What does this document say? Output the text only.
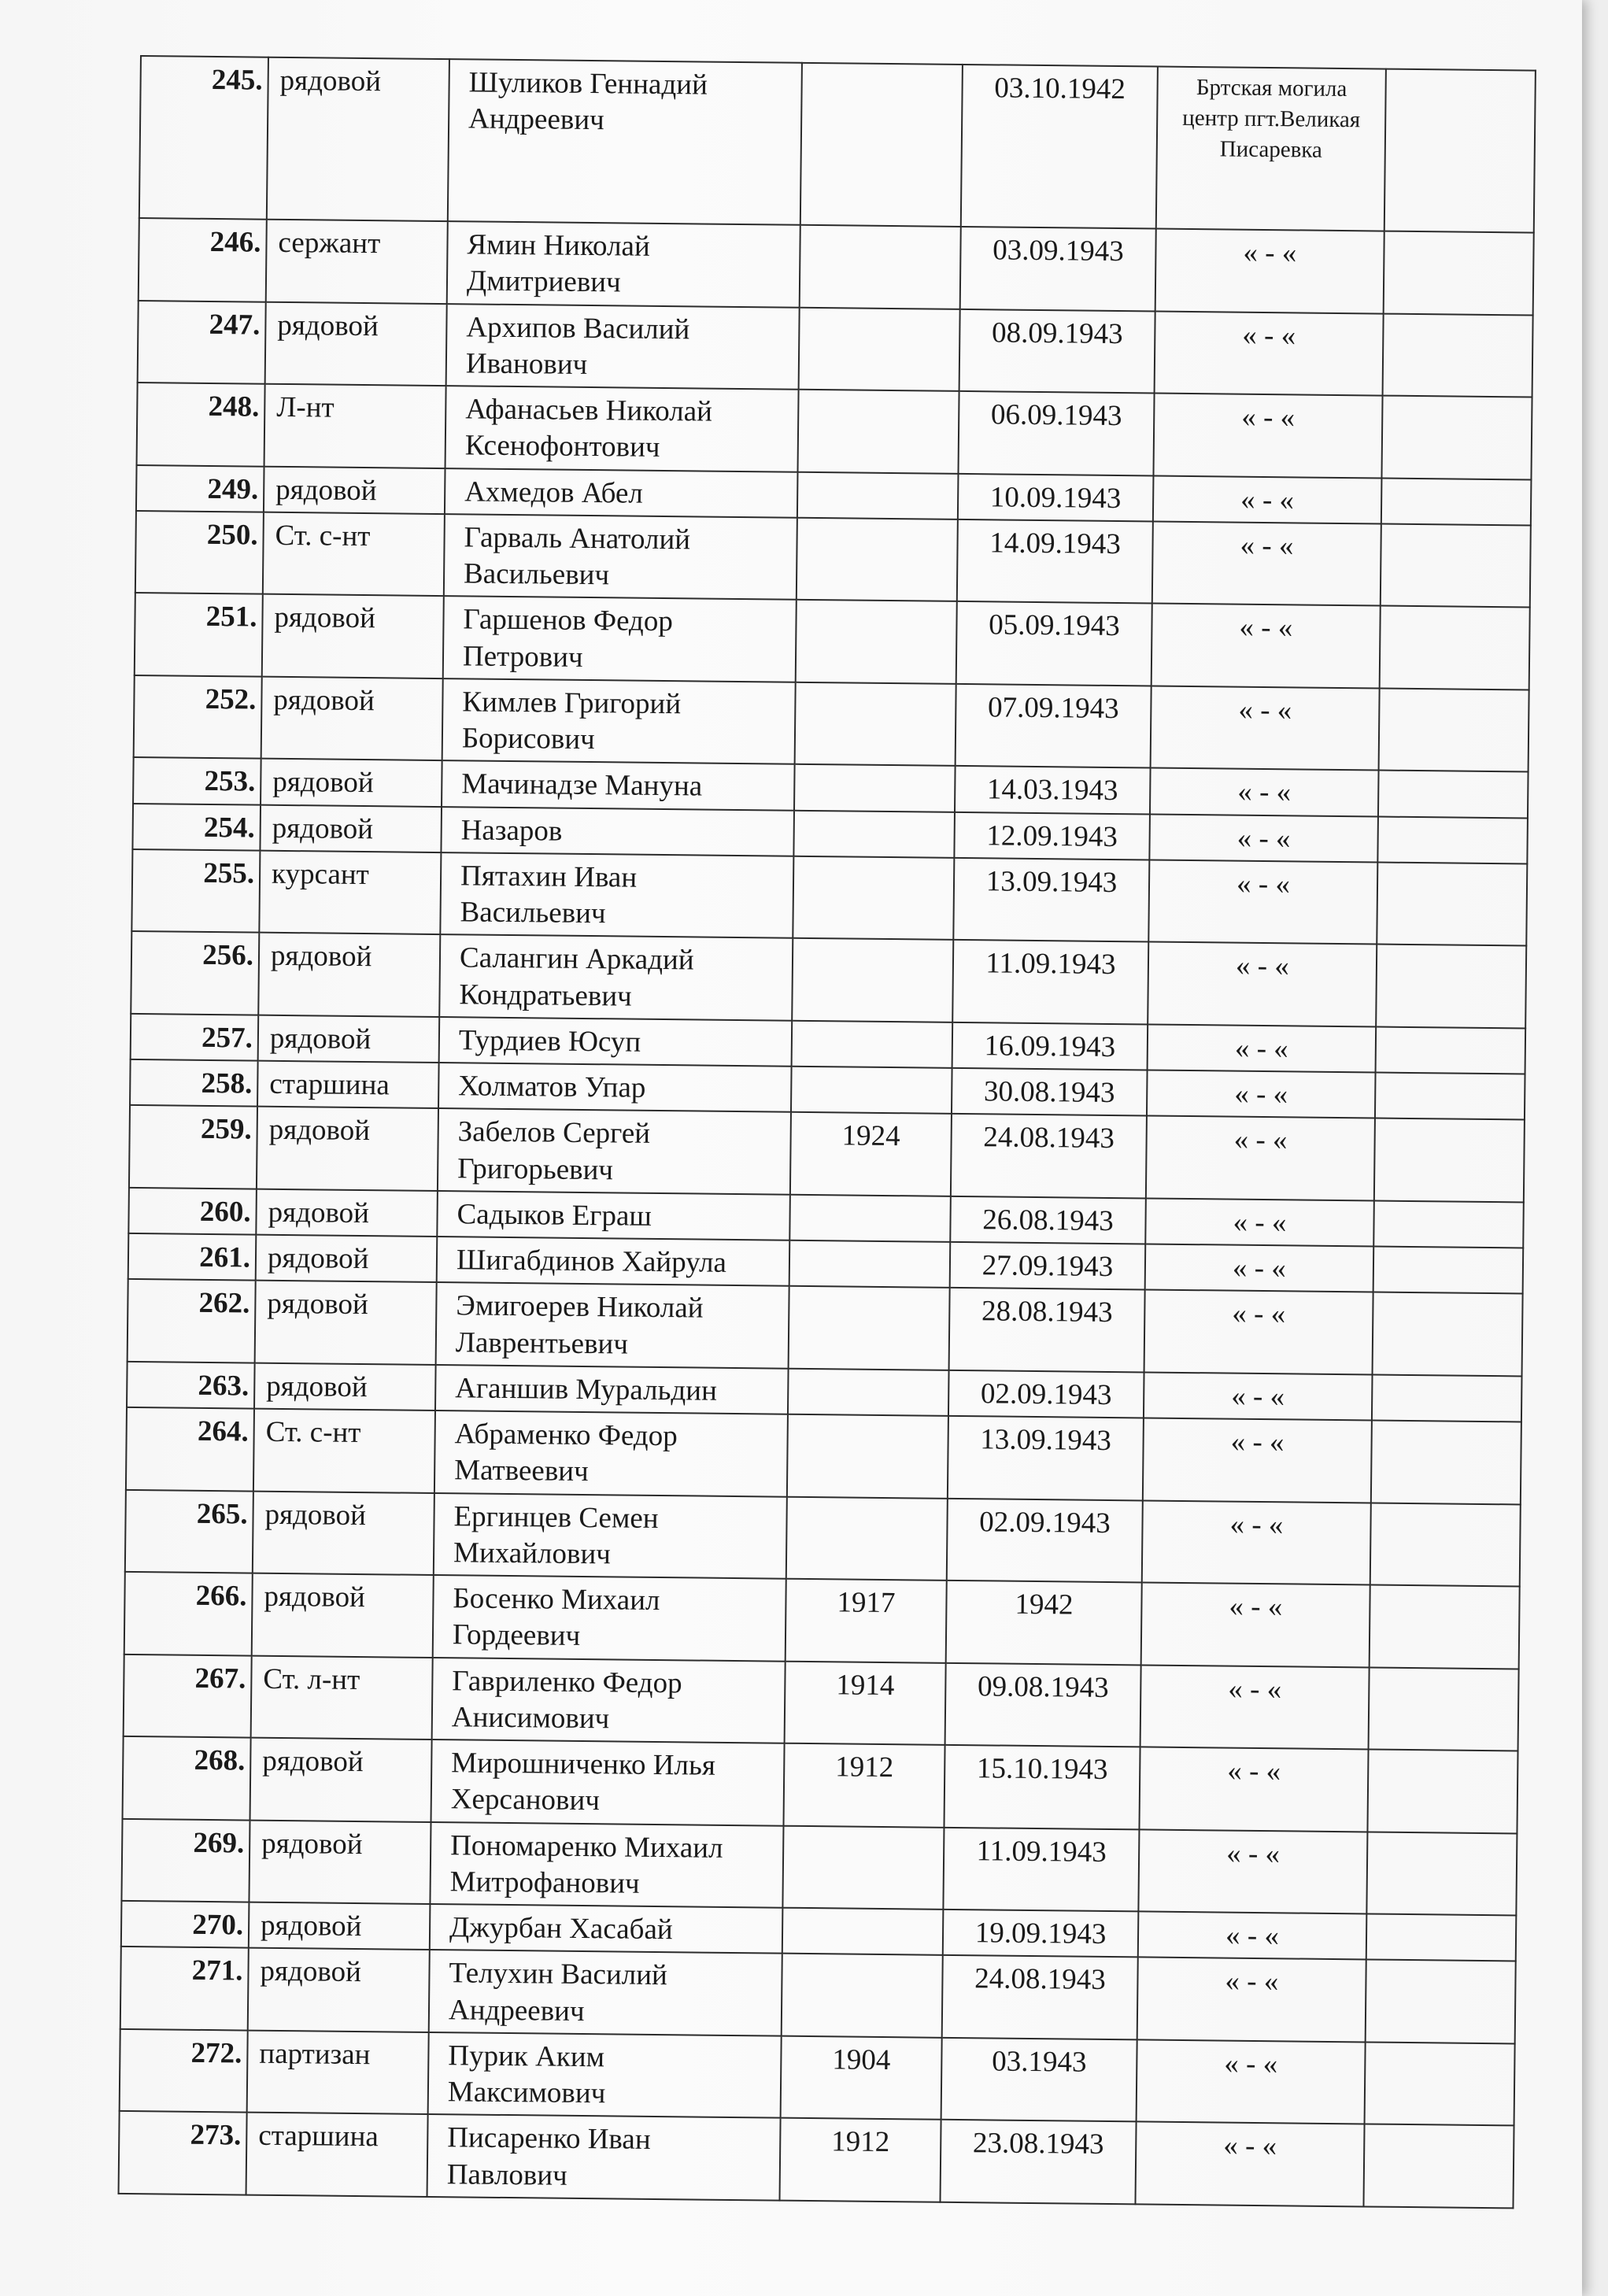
245.	рядовой	Шуликов Геннадий Андреевич		03.10.1942	Бртская могила центр пгт.Великая Писаревка	
246.	сержант	Ямин Николай Дмитриевич		03.09.1943	« - «	
247.	рядовой	Архипов Василий Иванович		08.09.1943	« - «	
248.	Л-нт	Афанасьев Николай Ксенофонтович		06.09.1943	« - «	
249.	рядовой	Ахмедов Абел		10.09.1943	« - «	
250.	Ст. с-нт	Гарваль Анатолий Васильевич		14.09.1943	« - «	
251.	рядовой	Гаршенов Федор Петрович		05.09.1943	« - «	
252.	рядовой	Кимлев Григорий Борисович		07.09.1943	« - «	
253.	рядовой	Мачинадзе Мануна		14.03.1943	« - «	
254.	рядовой	Назаров		12.09.1943	« - «	
255.	курсант	Пятахин Иван Васильевич		13.09.1943	« - «	
256.	рядовой	Салангин Аркадий Кондратьевич		11.09.1943	« - «	
257.	рядовой	Турдиев Юсуп		16.09.1943	« - «	
258.	старшина	Холматов Упар		30.08.1943	« - «	
259.	рядовой	Забелов Сергей Григорьевич	1924	24.08.1943	« - «	
260.	рядовой	Садыков Еграш		26.08.1943	« - «	
261.	рядовой	Шигабдинов Хайрула		27.09.1943	« - «	
262.	рядовой	Эмигоерев Николай Лаврентьевич		28.08.1943	« - «	
263.	рядовой	Аганшив Муральдин		02.09.1943	« - «	
264.	Ст. с-нт	Абраменко Федор Матвеевич		13.09.1943	« - «	
265.	рядовой	Ергинцев Семен Михайлович		02.09.1943	« - «	
266.	рядовой	Босенко Михаил Гордеевич	1917	1942	« - «	
267.	Ст. л-нт	Гавриленко Федор Анисимович	1914	09.08.1943	« - «	
268.	рядовой	Мирошниченко Илья Херсанович	1912	15.10.1943	« - «	
269.	рядовой	Пономаренко Михаил Митрофанович		11.09.1943	« - «	
270.	рядовой	Джурбан Хасабай		19.09.1943	« - «	
271.	рядовой	Телухин Василий Андреевич		24.08.1943	« - «	
272.	партизан	Пурик Аким Максимович	1904	03.1943	« - «	
273.	старшина	Писаренко Иван Павлович	1912	23.08.1943	« - «	
